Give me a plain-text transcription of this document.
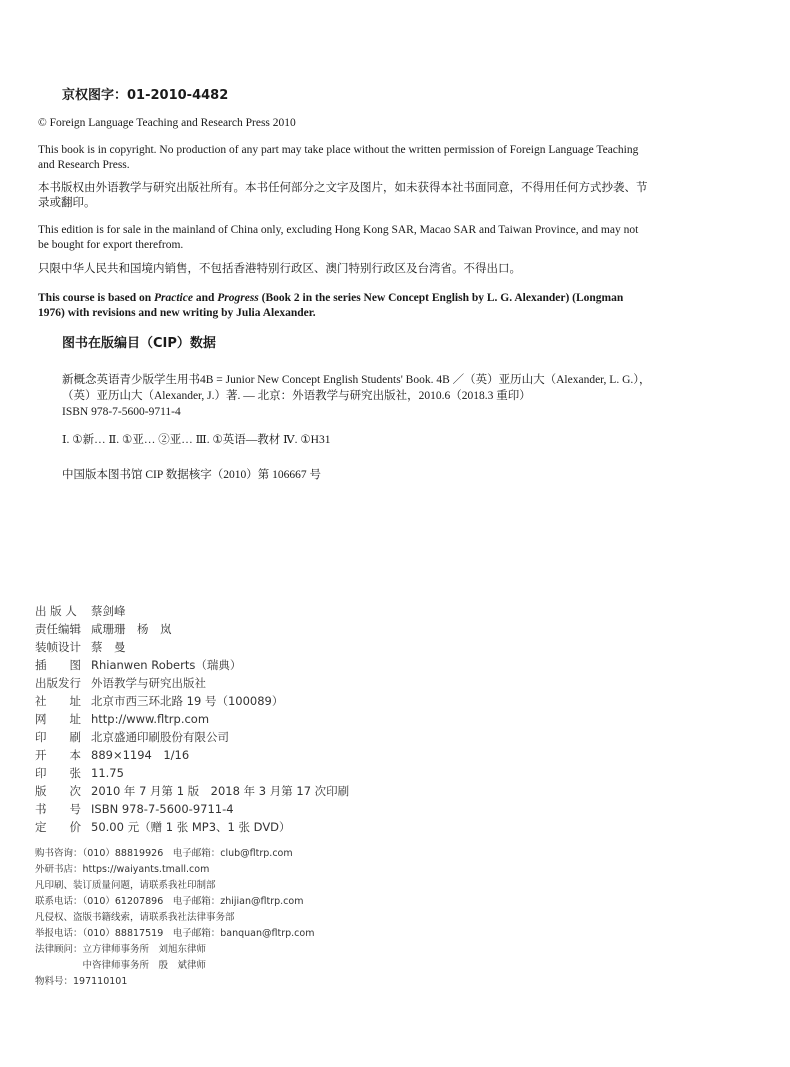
京权图字：01-2010-4482
© Foreign Language Teaching and Research Press 2010
This book is in copyright. No production of any part may take place without the written permission of Foreign Language Teaching and Research Press.
本书版权由外语教学与研究出版社所有。本书任何部分之文字及图片，如未获得本社书面同意，不得用任何方式抄袭、节录或翻印。
This edition is for sale in the mainland of China only, excluding Hong Kong SAR, Macao SAR and Taiwan Province, and may not be bought for export therefrom.
只限中华人民共和国境内销售，不包括香港特别行政区、澳门特别行政区及台湾省。不得出口。
This course is based on Practice and Progress (Book 2 in the series New Concept English by L. G. Alexander) (Longman 1976) with revisions and new writing by Julia Alexander.
图书在版编目（CIP）数据
新概念英语青少版学生用书4B = Junior New Concept English Students' Book. 4B ／（英）亚历山大（Alexander, L. G.），（英）亚历山大（Alexander, J.）著. — 北京：外语教学与研究出版社，2010.6（2018.3 重印）
ISBN 978-7-5600-9711-4
Ⅰ. ①新… Ⅱ. ①亚… ②亚… Ⅲ. ①英语—教材 Ⅳ. ①H31
中国版本图书馆 CIP 数据核字（2010）第 106667 号
出 版 人 蔡剑峰
责任编辑 咸珊珊　杨　岚
装帧设计 蔡　曼
插　　图 Rhianwen Roberts（瑞典）
出版发行 外语教学与研究出版社
社　　址 北京市西三环北路 19 号（100089）
网　　址 http://www.fltrp.com
印　　刷 北京盛通印刷股份有限公司
开　　本 889×1194　1/16
印　　张 11.75
版　　次 2010 年 7 月第 1 版　2018 年 3 月第 17 次印刷
书　　号 ISBN 978-7-5600-9711-4
定　　价 50.00 元（赠 1 张 MP3、1 张 DVD）
购书咨询：（010）88819926　电子邮箱：club@fltrp.com
外研书店：https://waiyants.tmall.com
凡印刷、装订质量问题，请联系我社印制部
联系电话：（010）61207896　电子邮箱：zhijian@fltrp.com
凡侵权、盗版书籍线索，请联系我社法律事务部
举报电话：（010）88817519　电子邮箱：banquan@fltrp.com
法律顾问：立方律师事务所　刘旭东律师
　　　　　中咨律师事务所　殷　斌律师
物料号：197110101
